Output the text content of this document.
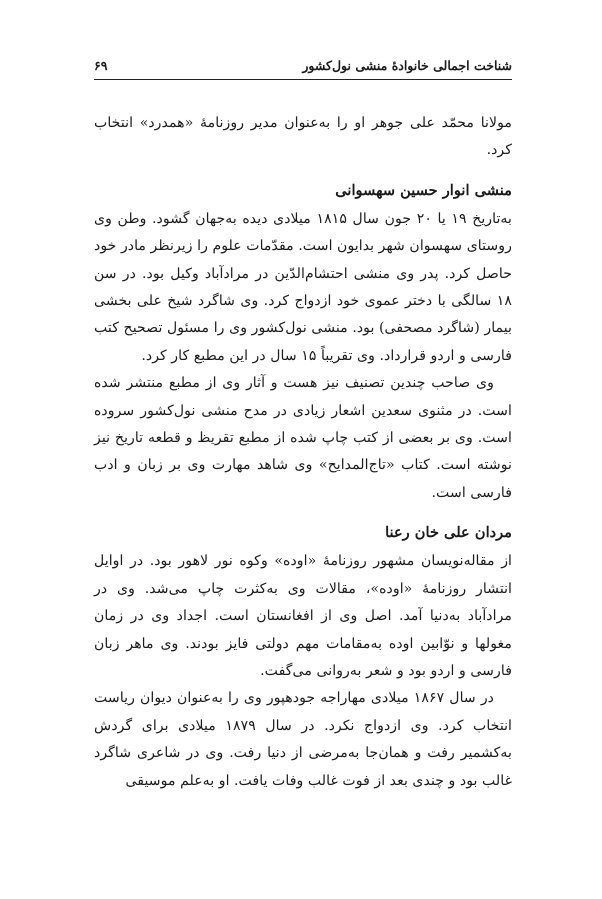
شناخت اجمالی خانوادهٔ منشی نول‌کشور
۶۹

مولانا محمّد علی جوهر او را به‌عنوان مدیر روزنامهٔ «همدرد» انتخاب کرد.

منشی انوار حسین سهسوانی

به‌تاریخ ۱۹ یا ۲۰ جون سال ۱۸۱۵ میلادی دیده به‌جهان گشود. وطن وی روستای سهسوان شهر بدایون است. مقدّمات علوم را زیرنظر مادر خود حاصل کرد. پدر وی منشی احتشام‌الدّین در مرادآباد وکیل بود. در سن ۱۸ سالگی با دختر عموی خود ازدواج کرد. وی شاگرد شیخ علی بخشی بیمار (شاگرد مصحفی) بود. منشی نول‌کشور وی را مسئول تصحیح کتب فارسی و اردو قرارداد. وی تقریباً ۱۵ سال در این مطبع کار کرد.

وی صاحب چندین تصنیف نیز هست و آثار وی از مطبع منتشر شده است. در مثنوی سعدین اشعار زیادی در مدح منشی نول‌کشور سروده است. وی بر بعضی از کتب چاپ شده از مطبع تقریظ و قطعه تاریخ نیز نوشته است. کتاب «تاج‌المدایح» وی شاهد مهارت وی بر زبان و ادب فارسی است.

مردان علی خان رعنا

از مقاله‌نویسان مشهور روزنامهٔ «اوده» وکوه نور لاهور بود. در اوایل انتشار روزنامهٔ «اوده»، مقالات وی به‌کثرت چاپ می‌شد. وی در مرادآباد به‌دنیا آمد. اصل وی از افغانستان است. اجداد وی در زمان مغولها و نوّابین اوده به‌مقامات مهم دولتی فایز بودند. وی ماهر زبان فارسی و اردو بود و شعر به‌روانی می‌گفت.

در سال ۱۸۶۷ میلادی مهاراجه جودهپور وی را به‌عنوان دیوان ریاست انتخاب کرد. وی ازدواج نکرد. در سال ۱۸۷۹ میلادی برای گردش به‌کشمیر رفت و همان‌جا به‌مرضی از دنیا رفت. وی در شاعری شاگرد غالب بود و چندی بعد از فوت غالب وفات یافت. او به‌علم موسیقی
